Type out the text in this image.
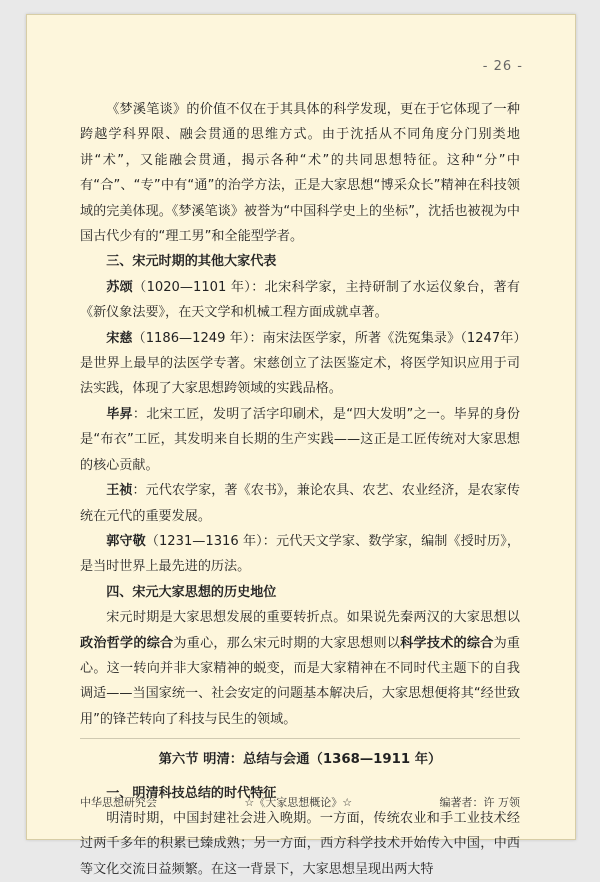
- 26 -

《梦溪笔谈》的价值不仅在于其具体的科学发现，更在于它体现了一种跨越学科界限、融会贯通的思维方式。由于沈括从不同角度分门别类地讲“术”，又能融会贯通，揭示各种“术”的共同思想特征。这种“分”中有“合”、“专”中有“通”的治学方法，正是大家思想“博采众长”精神在科技领域的完美体现。《梦溪笔谈》被誉为“中国科学史上的坐标”，沈括也被视为中国古代少有的“理工男”和全能型学者。

三、宋元时期的其他大家代表

苏颂（1020—1101 年）：北宋科学家，主持研制了水运仪象台，著有《新仪象法要》，在天文学和机械工程方面成就卓著。

宋慈（1186—1249 年）：南宋法医学家，所著《洗冤集录》（1247年）是世界上最早的法医学专著。宋慈创立了法医鉴定术，将医学知识应用于司法实践，体现了大家思想跨领域的实践品格。

毕昇：北宋工匠，发明了活字印刷术，是“四大发明”之一。毕昇的身份是“布衣”工匠，其发明来自长期的生产实践——这正是工匠传统对大家思想的核心贡献。

王祯：元代农学家，著《农书》，兼论农具、农艺、农业经济，是农家传统在元代的重要发展。

郭守敬（1231—1316 年）：元代天文学家、数学家，编制《授时历》，是当时世界上最先进的历法。

四、宋元大家思想的历史地位

宋元时期是大家思想发展的重要转折点。如果说先秦两汉的大家思想以政治哲学的综合为重心，那么宋元时期的大家思想则以科学技术的综合为重心。这一转向并非大家精神的蜕变，而是大家精神在不同时代主题下的自我调适——当国家统一、社会安定的问题基本解决后，大家思想便将其“经世致用”的锋芒转向了科技与民生的领域。

第六节 明清：总结与会通（1368—1911 年）
一、明清科技总结的时代特征

明清时期，中国封建社会进入晚期。一方面，传统农业和手工业技术经过两千多年的积累已臻成熟；另一方面，西方科学技术开始传入中国，中西等文化交流日益频繁。在这一背景下，大家思想呈现出两大特

中华思想研究会	☆《大家思想概论》☆	编著者：许 万领
